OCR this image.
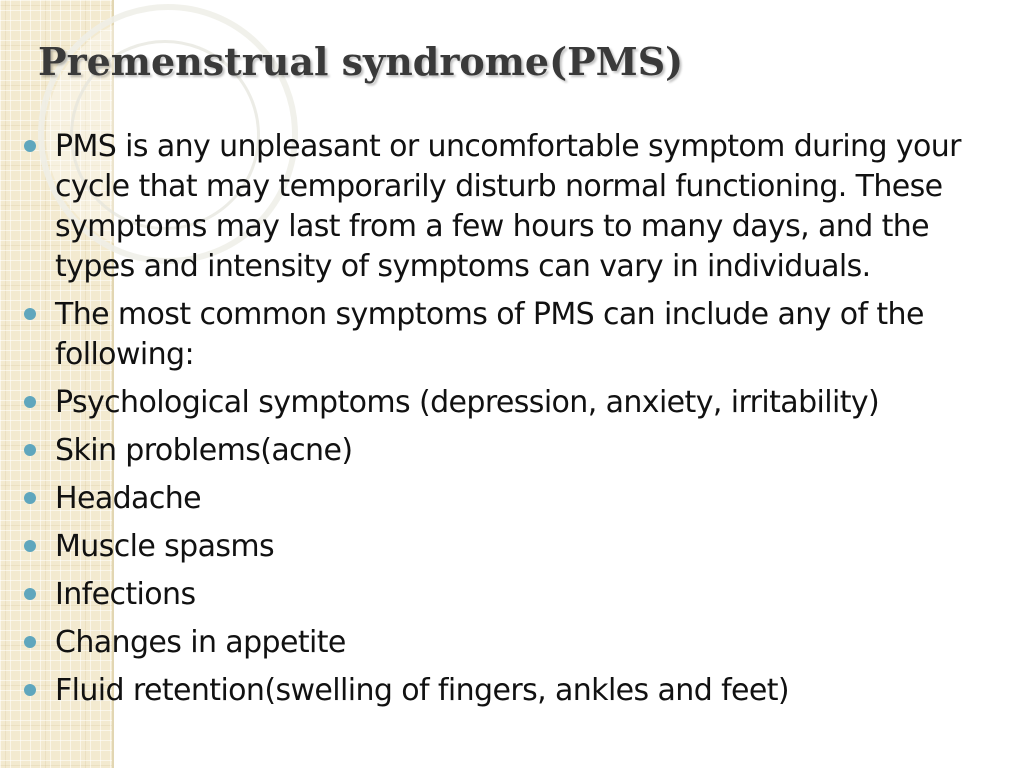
Premenstrual syndrome(PMS)
PMS is any unpleasant or uncomfortable symptom during your cycle that may temporarily disturb normal functioning. These symptoms may last from a few hours to many days, and the types and intensity of symptoms can vary in individuals.
The most common symptoms of PMS can include any of the following:
Psychological symptoms (depression, anxiety, irritability)
Skin problems(acne)
Headache
Muscle spasms
Infections
Changes in appetite
Fluid retention(swelling of fingers, ankles and feet)
